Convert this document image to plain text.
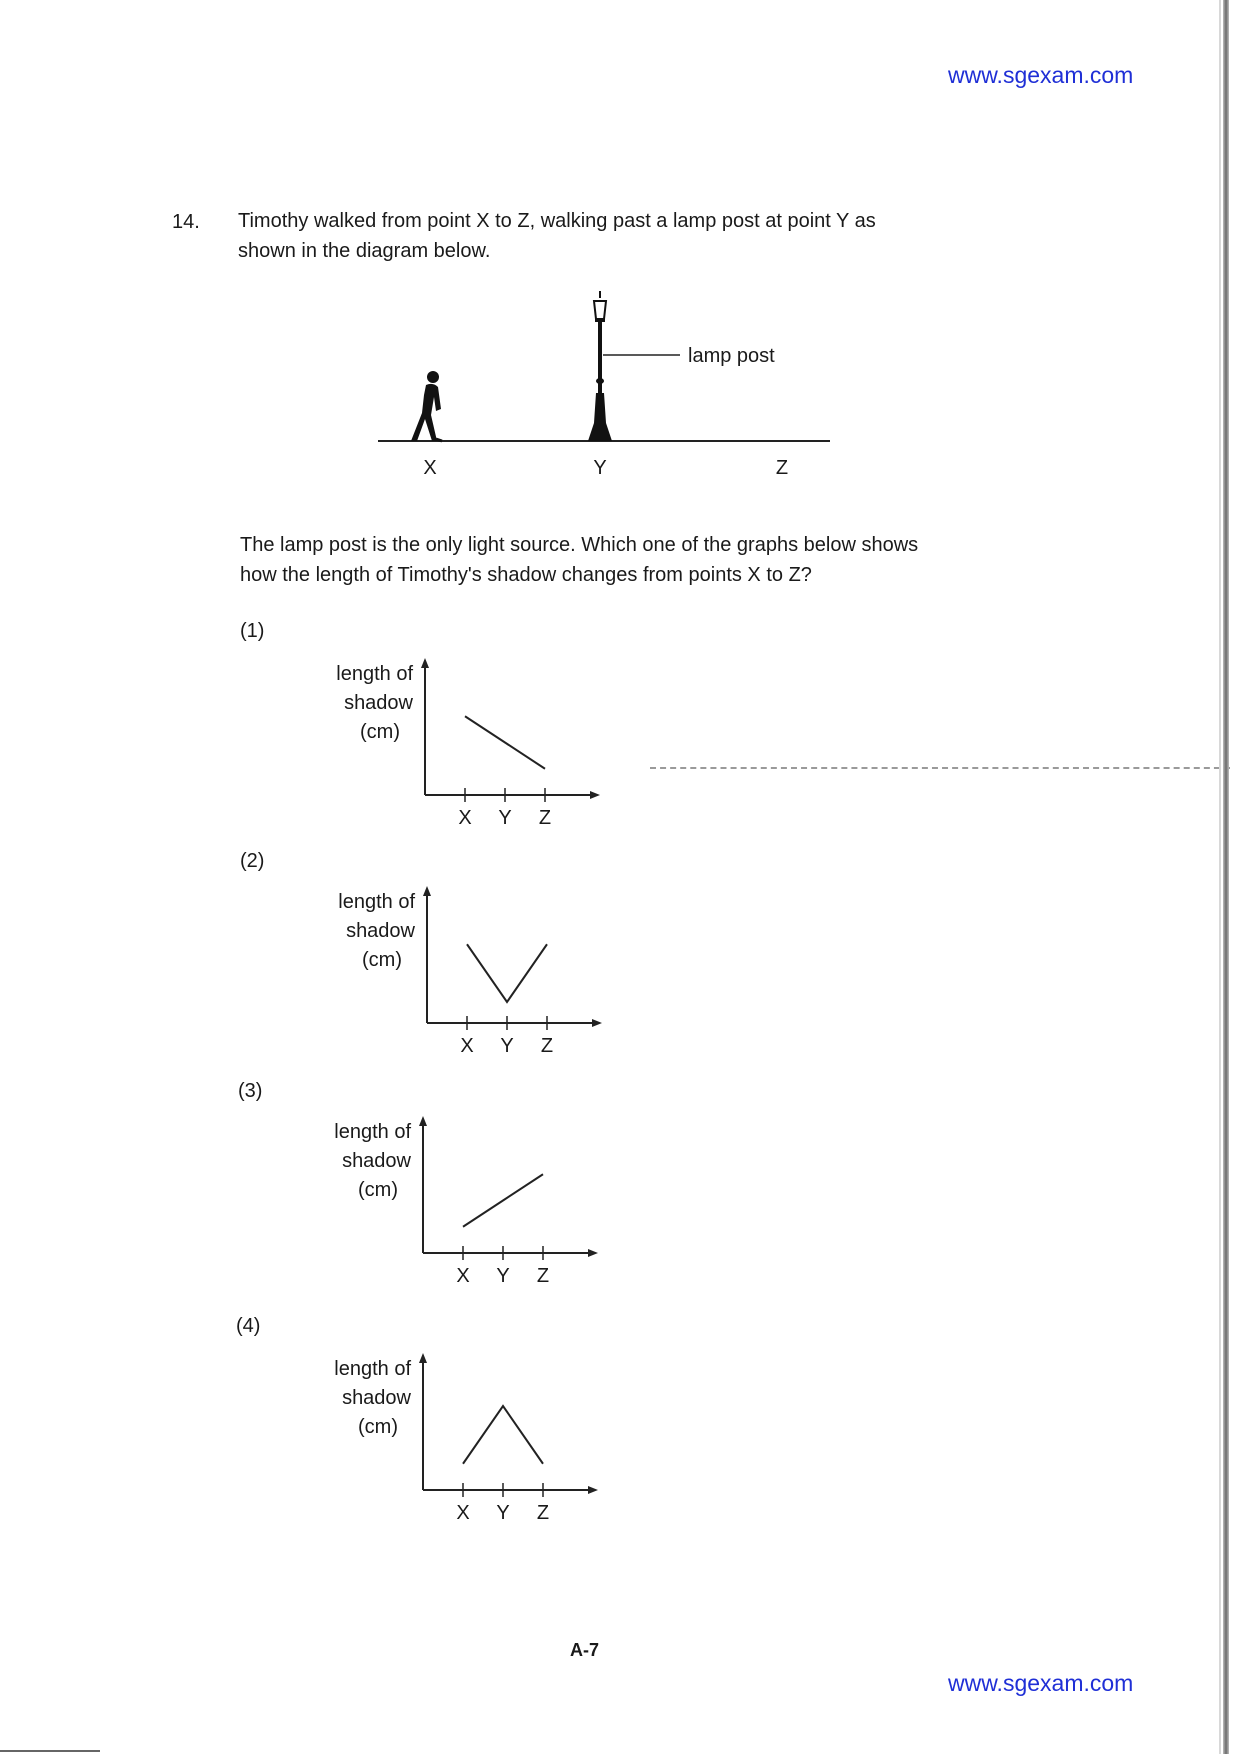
www.sgexam.com
14. Timothy walked from point X to Z, walking past a lamp post at point Y as
shown in the diagram below.
lamp post
X	Y	Z
The lamp post is the only light source. Which one of the graphs below shows
how the length of Timothy's shadow changes from points X to Z?
(1)
(2)
(3)
(4)
X Y Z
length of
shadow
(cm)
X Y Z
length of
shadow
(cm)
X Y Z
length of
shadow
(cm)
X Y Z
length of
shadow
(cm)
A-7
www.sgexam.com
